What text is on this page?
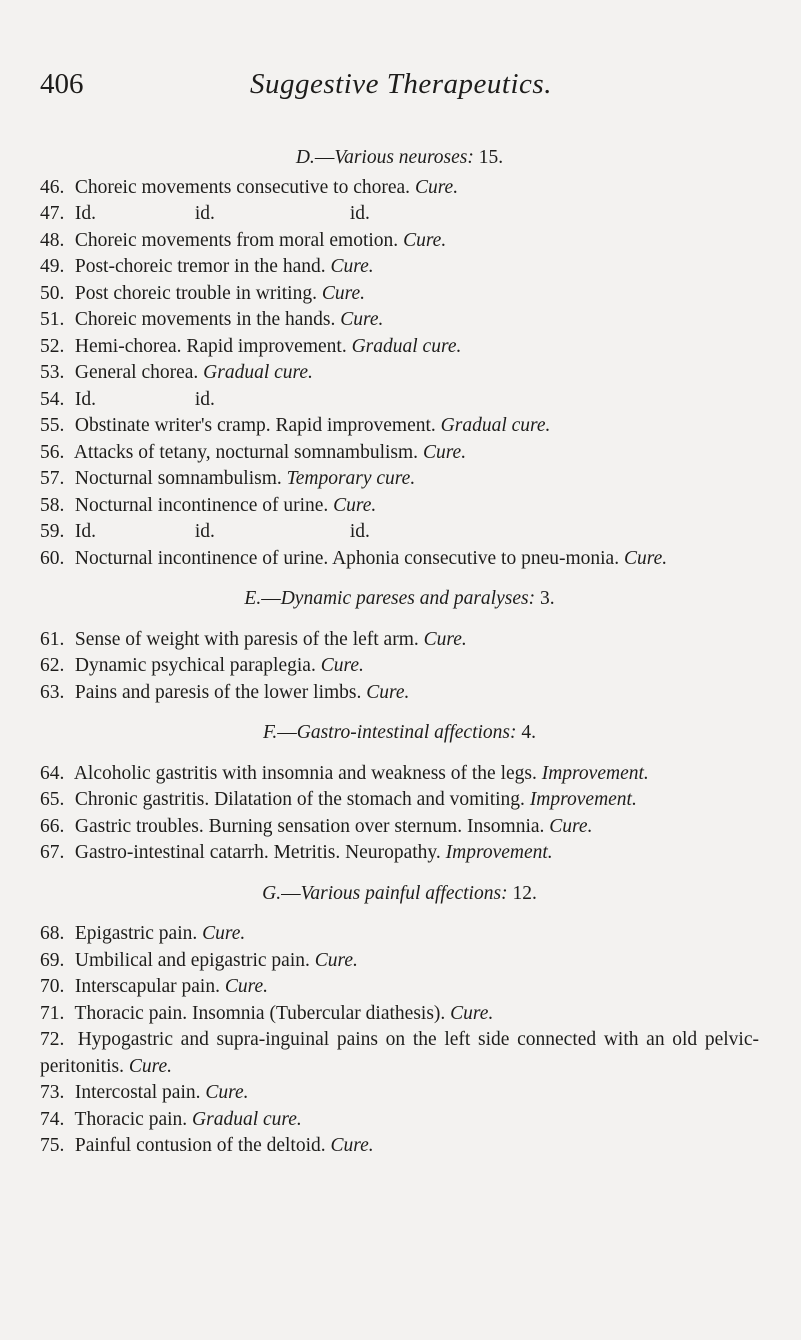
406	Suggestive Therapeutics.

D.—Various neuroses: 15.

46. Choreic movements consecutive to chorea. Cure.

47. Id.	id.	id.

48. Choreic movements from moral emotion. Cure.

49. Post-choreic tremor in the hand. Cure.

50. Post choreic trouble in writing. Cure.

51. Choreic movements in the hands. Cure.

52. Hemi-chorea. Rapid improvement. Gradual cure.

53. General chorea. Gradual cure.

54. Id.	id.

55. Obstinate writer's cramp. Rapid improvement. Gradual cure.

56. Attacks of tetany, nocturnal somnambulism. Cure.

57. Nocturnal somnambulism. Temporary cure.

58. Nocturnal incontinence of urine. Cure.

59. Id.	id.	id.

60. Nocturnal incontinence of urine. Aphonia consecutive to pneu-monia. Cure.

E.—Dynamic pareses and paralyses: 3.

61. Sense of weight with paresis of the left arm. Cure.

62. Dynamic psychical paraplegia. Cure.

63. Pains and paresis of the lower limbs. Cure.

F.—Gastro-intestinal affections: 4.

64. Alcoholic gastritis with insomnia and weakness of the legs. Improvement.

65. Chronic gastritis. Dilatation of the stomach and vomiting. Improvement.

66. Gastric troubles. Burning sensation over sternum. Insomnia. Cure.

67. Gastro-intestinal catarrh. Metritis. Neuropathy. Improvement.

G.—Various painful affections: 12.

68. Epigastric pain. Cure.

69. Umbilical and epigastric pain. Cure.

70. Interscapular pain. Cure.

71. Thoracic pain. Insomnia (Tubercular diathesis). Cure.

72. Hypogastric and supra-inguinal pains on the left side connected with an old pelvic-peritonitis. Cure.

73. Intercostal pain. Cure.

74. Thoracic pain. Gradual cure.

75. Painful contusion of the deltoid. Cure.
